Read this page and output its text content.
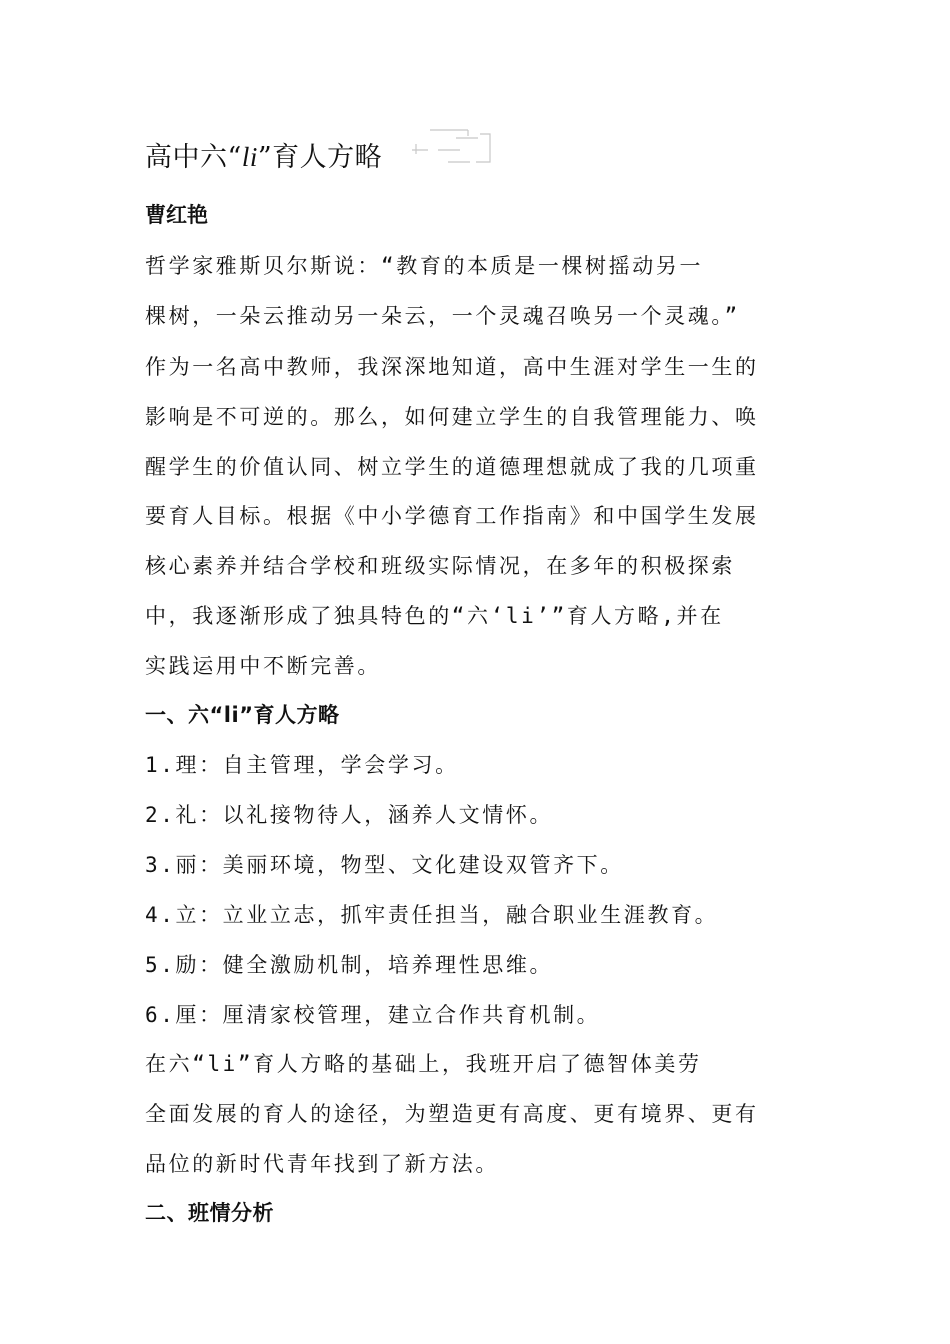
高中六“li”育人方略
曹红艳
哲学家雅斯贝尔斯说：“教育的本质是一棵树摇动另一
棵树，一朵云推动另一朵云，一个灵魂召唤另一个灵魂。”
作为一名高中教师，我深深地知道，高中生涯对学生一生的
影响是不可逆的。那么，如何建立学生的自我管理能力、唤
醒学生的价值认同、树立学生的道德理想就成了我的几项重
要育人目标。根据《中小学德育工作指南》和中国学生发展
核心素养并结合学校和班级实际情况，在多年的积极探索
中，我逐渐形成了独具特色的“六‘li’”育人方略,并在
实践运用中不断完善。
一、六“li”育人方略
1.理：自主管理，学会学习。
2.礼：以礼接物待人，涵养人文情怀。
3.丽：美丽环境，物型、文化建设双管齐下。
4.立：立业立志，抓牢责任担当，融合职业生涯教育。
5.励：健全激励机制，培养理性思维。
6.厘：厘清家校管理，建立合作共育机制。
在六“li”育人方略的基础上，我班开启了德智体美劳
全面发展的育人的途径，为塑造更有高度、更有境界、更有
品位的新时代青年找到了新方法。
二、班情分析
